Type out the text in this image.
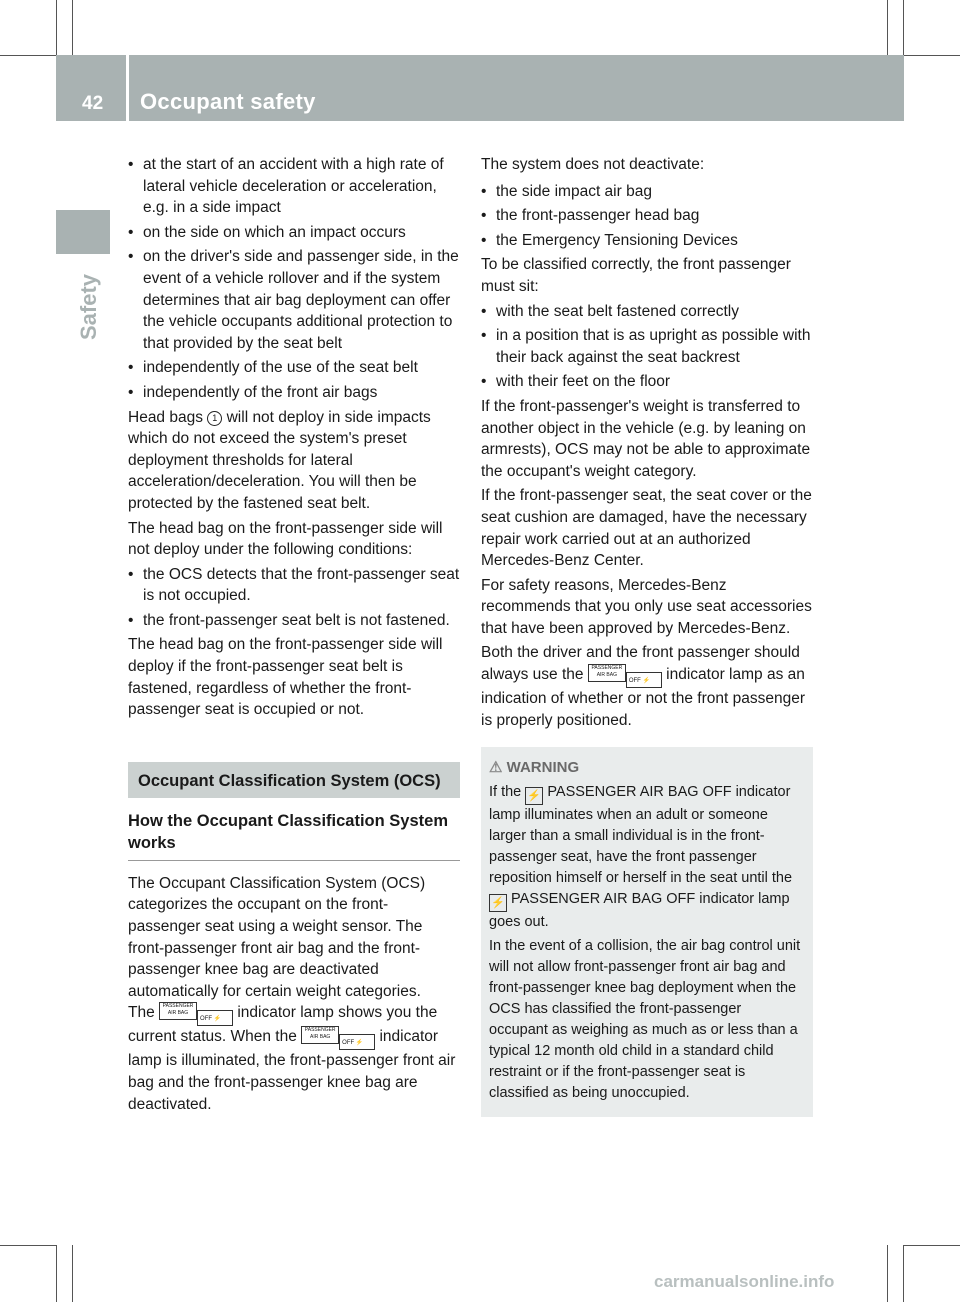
42 Occupant safety
Safety
• at the start of an accident with a high rate of lateral vehicle deceleration or acceleration, e.g. in a side impact
• on the side on which an impact occurs
• on the driver's side and passenger side, in the event of a vehicle rollover and if the system determines that air bag deployment can offer the vehicle occupants additional protection to that provided by the seat belt
• independently of the use of the seat belt
• independently of the front air bags

Head bags 1 will not deploy in side impacts which do not exceed the system's preset deployment thresholds for lateral acceleration/deceleration. You will then be protected by the fastened seat belt.

The head bag on the front-passenger side will not deploy under the following conditions:

• the OCS detects that the front-passenger seat is not occupied.
• the front-passenger seat belt is not fastened.

The head bag on the front-passenger side will deploy if the front-passenger seat belt is fastened, regardless of whether the front-passenger seat is occupied or not.

Occupant Classification System (OCS)
How the Occupant Classification System works

The Occupant Classification System (OCS) categorizes the occupant on the front-passenger seat using a weight sensor. The front-passenger front air bag and the front-passenger knee bag are deactivated automatically for certain weight categories.

The PASSENGER
AIR BAGOFF ⚡ indicator lamp shows you the current status. When the PASSENGER
AIR BAGOFF ⚡ indicator lamp is illuminated, the front-passenger front air bag and the front-passenger knee bag are deactivated.

The system does not deactivate:

• the side impact air bag
• the front-passenger head bag
• the Emergency Tensioning Devices

To be classified correctly, the front passenger must sit:

• with the seat belt fastened correctly
• in a position that is as upright as possible with their back against the seat backrest
• with their feet on the floor

If the front-passenger's weight is transferred to another object in the vehicle (e.g. by leaning on armrests), OCS may not be able to approximate the occupant's weight category.

If the front-passenger seat, the seat cover or the seat cushion are damaged, have the necessary repair work carried out at an authorized Mercedes-Benz Center.

For safety reasons, Mercedes-Benz recommends that you only use seat accessories that have been approved by Mercedes-Benz.

Both the driver and the front passenger should always use the PASSENGER
AIR BAGOFF ⚡ indicator lamp as an indication of whether or not the front passenger is properly positioned.

⚠ WARNING

If the ⚡ PASSENGER AIR BAG OFF indicator lamp illuminates when an adult or someone larger than a small individual is in the front-passenger seat, have the front passenger reposition himself or herself in the seat until the ⚡ PASSENGER AIR BAG OFF indicator lamp goes out.

In the event of a collision, the air bag control unit will not allow front-passenger front air bag and front-passenger knee bag deployment when the OCS has classified the front-passenger occupant as weighing as much as or less than a typical 12 month old child in a standard child restraint or if the front-passenger seat is classified as being unoccupied.

carmanualsonline.info
